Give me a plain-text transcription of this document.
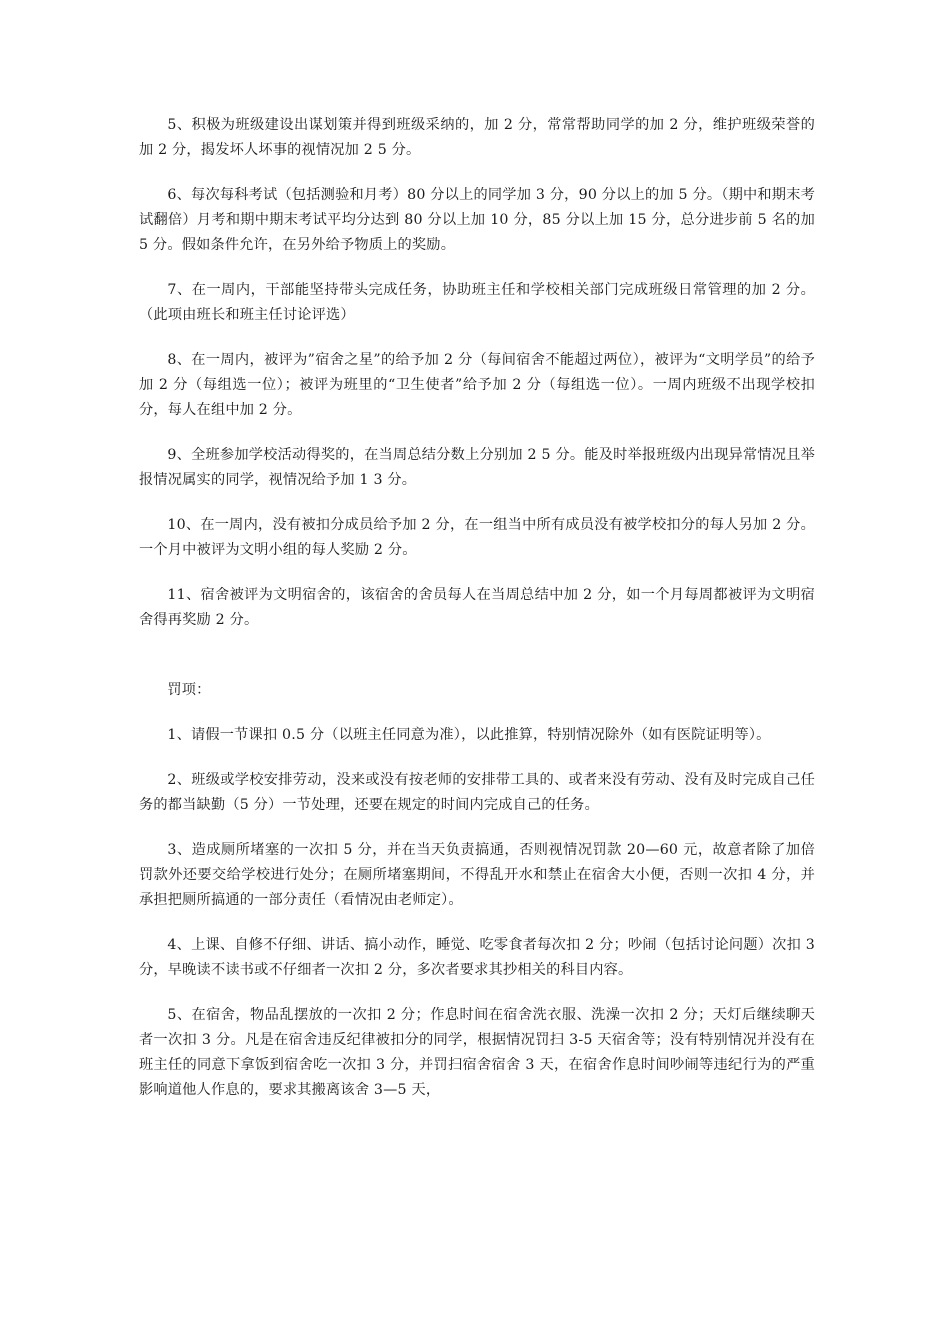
5、积极为班级建设出谋划策并得到班级采纳的，加 2 分，常常帮助同学的加 2 分，维护班级荣誉的加 2 分，揭发坏人坏事的视情况加 2 5 分。

6、每次每科考试（包括测验和月考）80 分以上的同学加 3 分，90 分以上的加 5 分。（期中和期末考试翻倍）月考和期中期末考试平均分达到 80 分以上加 10 分，85 分以上加 15 分，总分进步前 5 名的加 5 分。假如条件允许，在另外给予物质上的奖励。

7、在一周内，干部能坚持带头完成任务，协助班主任和学校相关部门完成班级日常管理的加 2 分。（此项由班长和班主任讨论评选）

8、在一周内，被评为”宿舍之星”的给予加 2 分（每间宿舍不能超过两位），被评为“文明学员”的给予加 2 分（每组选一位）；被评为班里的“卫生使者”给予加 2 分（每组选一位）。一周内班级不出现学校扣分，每人在组中加 2 分。

9、全班参加学校活动得奖的，在当周总结分数上分别加 2 5 分。能及时举报班级内出现异常情况且举报情况属实的同学，视情况给予加 1 3 分。

10、在一周内，没有被扣分成员给予加 2 分，在一组当中所有成员没有被学校扣分的每人另加 2 分。一个月中被评为文明小组的每人奖励 2 分。

11、宿舍被评为文明宿舍的，该宿舍的舍员每人在当周总结中加 2 分，如一个月每周都被评为文明宿舍得再奖励 2 分。

罚项：

1、请假一节课扣 0.5 分（以班主任同意为准），以此推算，特别情况除外（如有医院证明等）。

2、班级或学校安排劳动，没来或没有按老师的安排带工具的、或者来没有劳动、没有及时完成自己任务的都当缺勤（5 分）一节处理，还要在规定的时间内完成自己的任务。

3、造成厕所堵塞的一次扣 5 分，并在当天负责搞通，否则视情况罚款 20—60 元，故意者除了加倍罚款外还要交给学校进行处分；在厕所堵塞期间，不得乱开水和禁止在宿舍大小便，否则一次扣 4 分，并承担把厕所搞通的一部分责任（看情况由老师定）。

4、上课、自修不仔细、讲话、搞小动作，睡觉、吃零食者每次扣 2 分；吵闹（包括讨论问题）次扣 3 分，早晚读不读书或不仔细者一次扣 2 分，多次者要求其抄相关的科目内容。

5、在宿舍，物品乱摆放的一次扣 2 分；作息时间在宿舍洗衣服、洗澡一次扣 2 分；天灯后继续聊天者一次扣 3 分。凡是在宿舍违反纪律被扣分的同学，根据情况罚扫 3-5 天宿舍等；没有特别情况并没有在班主任的同意下拿饭到宿舍吃一次扣 3 分，并罚扫宿舍宿舍 3 天，在宿舍作息时间吵闹等违纪行为的严重影响道他人作息的，要求其搬离该舍 3—5 天，
